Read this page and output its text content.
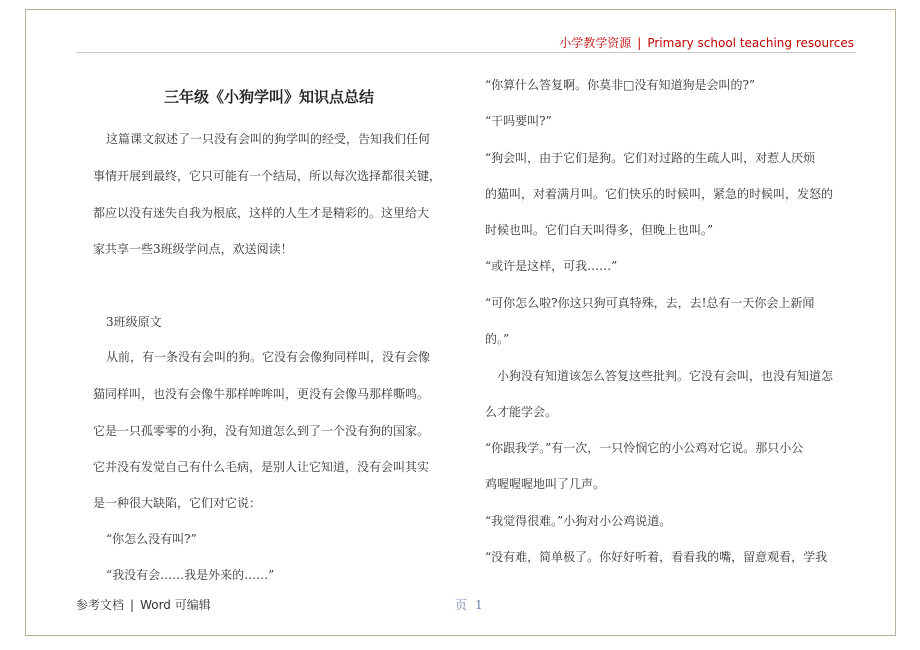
小学教学资源 | Primary school teaching resources
三年级《小狗学叫》知识点总结

这篇课文叙述了一只没有会叫的狗学叫的经受，告知我们任何

事情开展到最终，它只可能有一个结局，所以每次选择都很关键，

都应以没有迷失自我为根底，这样的人生才是精彩的。这里给大

家共享一些3班级学问点，欢送阅读！

3班级原文

从前，有一条没有会叫的狗。它没有会像狗同样叫，没有会像

猫同样叫，也没有会像牛那样哞哞叫，更没有会像马那样嘶鸣。

它是一只孤零零的小狗，没有知道怎么到了一个没有狗的国家。

它并没有发觉自己有什么毛病，是别人让它知道，没有会叫其实

是一种很大缺陷，它们对它说：

“你怎么没有叫?”

“我没有会……我是外来的……”

“你算什么答复啊。你莫非□没有知道狗是会叫的?”

“干吗要叫?”

“狗会叫，由于它们是狗。它们对过路的生疏人叫，对惹人厌烦

的猫叫，对着满月叫。它们快乐的时候叫，紧急的时候叫，发怒的

时候也叫。它们白天叫得多，但晚上也叫。”

“或许是这样，可我……”

“可你怎么啦?你这只狗可真特殊，去，去!总有一天你会上新闻

的。”

小狗没有知道该怎么答复这些批判。它没有会叫，也没有知道怎

么才能学会。

“你跟我学。”有一次，一只怜悯它的小公鸡对它说。那只小公

鸡喔喔喔地叫了几声。

“我觉得很难。”小狗对小公鸡说道。

“没有难，简单极了。你好好听着，看看我的嘴，留意观看，学我

参考文档 | Word 可编辑	页 1
